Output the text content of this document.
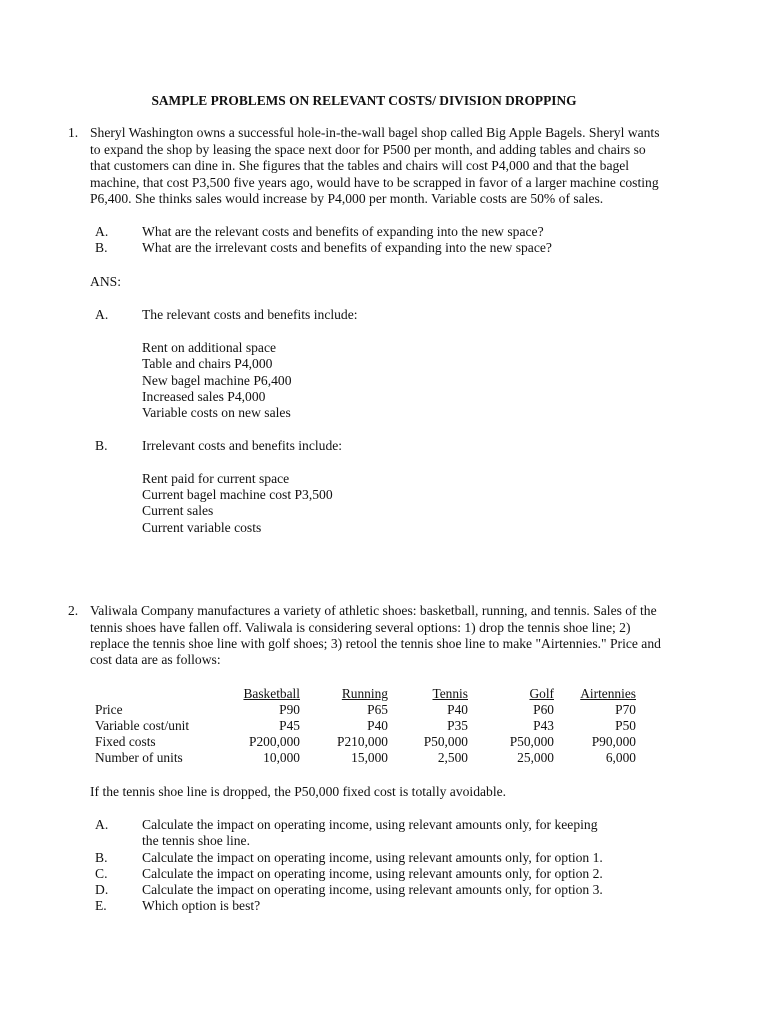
SAMPLE PROBLEMS ON RELEVANT COSTS/ DIVISION DROPPING
1. Sheryl Washington owns a successful hole-in-the-wall bagel shop called Big Apple Bagels. Sheryl wants
to expand the shop by leasing the space next door for P500 per month, and adding tables and chairs so
that customers can dine in. She figures that the tables and chairs will cost P4,000 and that the bagel
machine, that cost P3,500 five years ago, would have to be scrapped in favor of a larger machine costing
P6,400. She thinks sales would increase by P4,000 per month. Variable costs are 50% of sales.
A. What are the relevant costs and benefits of expanding into the new space?
B.	What are the irrelevant costs and benefits of expanding into the new space?
ANS:
A. The relevant costs and benefits include:
Rent on additional space
Table and chairs P4,000
New bagel machine P6,400
Increased sales P4,000
Variable costs on new sales
B.	Irrelevant costs and benefits include:
Rent paid for current space
Current bagel machine cost P3,500
Current sales
Current variable costs
2. Valiwala Company manufactures a variety of athletic shoes: basketball, running, and tennis. Sales of the
tennis shoes have fallen off. Valiwala is considering several options: 1) drop the tennis shoe line; 2)
replace the tennis shoe line with golf shoes; 3) retool the tennis shoe line to make "Airtennies." Price and
cost data are as follows:
	Basketball	Running	Tennis	Golf	Airtennies
Price	P90	P65	P40	P60	P70
Variable cost/unit	P45	P40	P35	P43	P50
Fixed costs	P200,000	P210,000	P50,000	P50,000	P90,000
Number of units	10,000	15,000	2,500	25,000	6,000
If the tennis shoe line is dropped, the P50,000 fixed cost is totally avoidable.
A. Calculate the impact on operating income, using relevant amounts only, for keeping
the tennis shoe line.
B.	Calculate the impact on operating income, using relevant amounts only, for option 1.
C.	Calculate the impact on operating income, using relevant amounts only, for option 2.
D. Calculate the impact on operating income, using relevant amounts only, for option 3.
E.	Which option is best?
